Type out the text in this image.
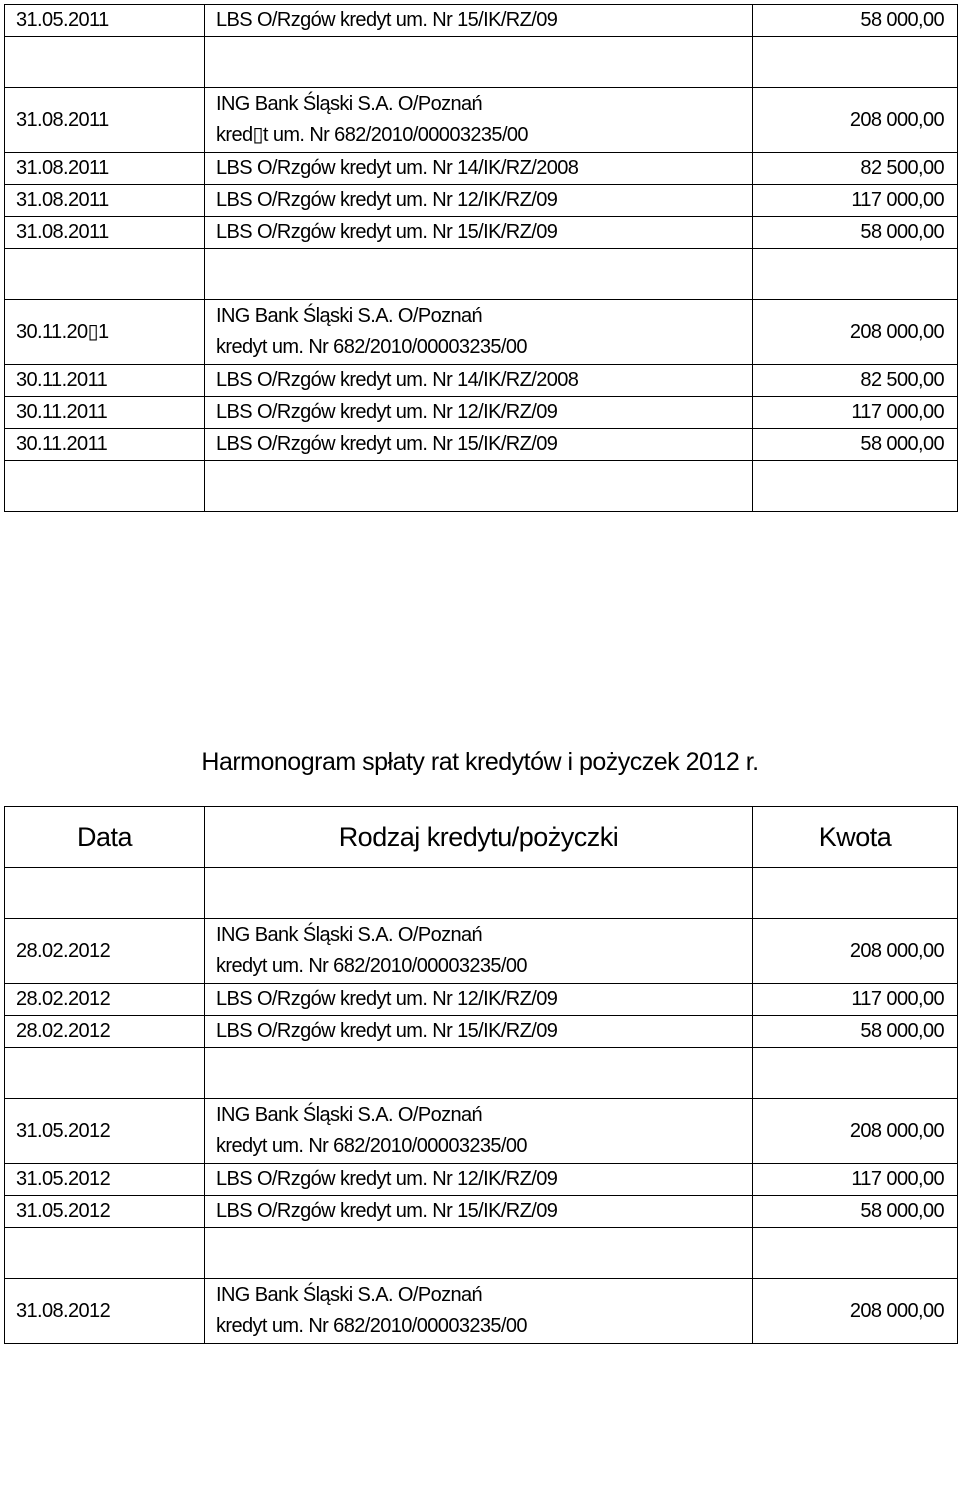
31.05.2011	LBS O/Rzgów kredyt um. Nr 15/IK/RZ/09	58 000,00

31.08.2011	ING Bank Śląski S.A. O/Poznań
kred▯t um. Nr 682/2010/00003235/00	208 000,00
31.08.2011	LBS O/Rzgów kredyt um. Nr 14/IK/RZ/2008	82 500,00
31.08.2011	LBS O/Rzgów kredyt um. Nr 12/IK/RZ/09	117 000,00
31.08.2011	LBS O/Rzgów kredyt um. Nr 15/IK/RZ/09	58 000,00

30.11.20▯1	ING Bank Śląski S.A. O/Poznań
kredyt um. Nr 682/2010/00003235/00	208 000,00
30.11.2011	LBS O/Rzgów kredyt um. Nr 14/IK/RZ/2008	82 500,00
30.11.2011	LBS O/Rzgów kredyt um. Nr 12/IK/RZ/09	117 000,00
30.11.2011	LBS O/Rzgów kredyt um. Nr 15/IK/RZ/09	58 000,00

Harmonogram spłaty rat kredytów i pożyczek 2012 r.
Data	Rodzaj kredytu/pożyczki	Kwota

28.02.2012	ING Bank Śląski S.A. O/Poznań
kredyt um. Nr 682/2010/00003235/00	208 000,00
28.02.2012	LBS O/Rzgów kredyt um. Nr 12/IK/RZ/09	117 000,00
28.02.2012	LBS O/Rzgów kredyt um. Nr 15/IK/RZ/09	58 000,00

31.05.2012	ING Bank Śląski S.A. O/Poznań
kredyt um. Nr 682/2010/00003235/00	208 000,00
31.05.2012	LBS O/Rzgów kredyt um. Nr 12/IK/RZ/09	117 000,00
31.05.2012	LBS O/Rzgów kredyt um. Nr 15/IK/RZ/09	58 000,00

31.08.2012	ING Bank Śląski S.A. O/Poznań
kredyt um. Nr 682/2010/00003235/00	208 000,00
